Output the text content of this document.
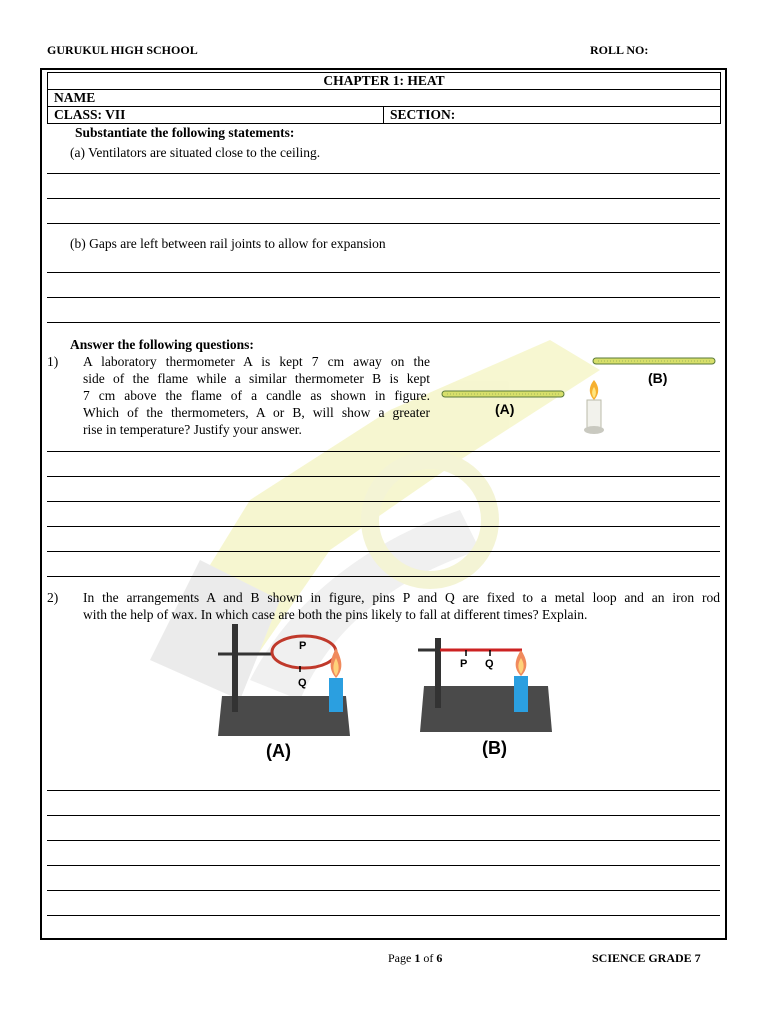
GURUKUL HIGH SCHOOL	ROLL NO:
CHAPTER 1: HEAT
NAME
CLASS: VII	SECTION:
Substantiate the following statements:
(a) Ventilators are situated close to the ceiling.
(b) Gaps are left between rail joints to allow for expansion
Answer the following questions:
1) A laboratory thermometer A is kept 7 cm away on the
side of the flame while a similar thermometer B is kept
7 cm above the flame of a candle as shown in figure.
Which of the thermometers, A or B, will show a greater
rise in temperature? Justify your answer.
(B)
(A)
2) In the arrangements A and B shown in figure, pins P and Q are fixed to a metal loop and an iron rod
with the help of wax. In which case are both the pins likely to fall at different times? Explain.
P
Q
(A)
P Q
(B)
Page 1 of 6	SCIENCE GRADE 7
